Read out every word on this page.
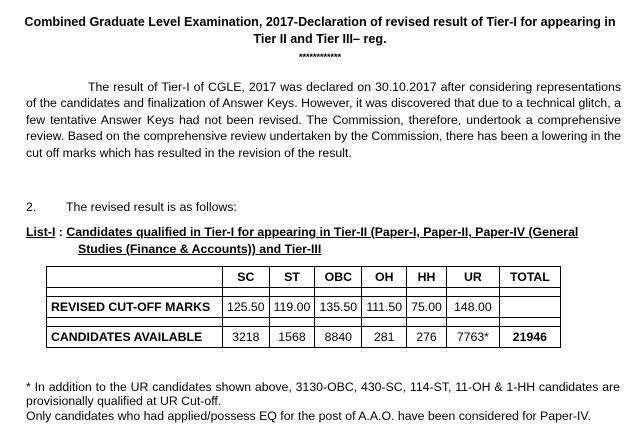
Combined Graduate Level Examination, 2017-Declaration of revised result of Tier-I for appearing in Tier II and Tier III– reg.
************
The result of Tier-I of CGLE, 2017 was declared on 30.10.2017 after considering representations of the candidates and finalization of Answer Keys. However, it was discovered that due to a technical glitch, a few tentative Answer Keys had not been revised. The Commission, therefore, undertook a comprehensive review. Based on the comprehensive review undertaken by the Commission, there has been a lowering in the cut off marks which has resulted in the revision of the result.
2. The revised result is as follows:
List-I : Candidates qualified in Tier-I for appearing in Tier-II (Paper-I, Paper-II, Paper-IV (General
Studies (Finance & Accounts)) and Tier-III
	SC	ST	OBC	OH	HH	UR	TOTAL

REVISED CUT-OFF MARKS	125.50	119.00	135.50	111.50	75.00	148.00	

CANDIDATES AVAILABLE	3218	1568	8840	281	276	7763*	21946
* In addition to the UR candidates shown above, 3130-OBC, 430-SC, 114-ST, 11-OH & 1-HH candidates are provisionally qualified at UR Cut-off.
Only candidates who had applied/possess EQ for the post of A.A.O. have been considered for Paper-IV.
